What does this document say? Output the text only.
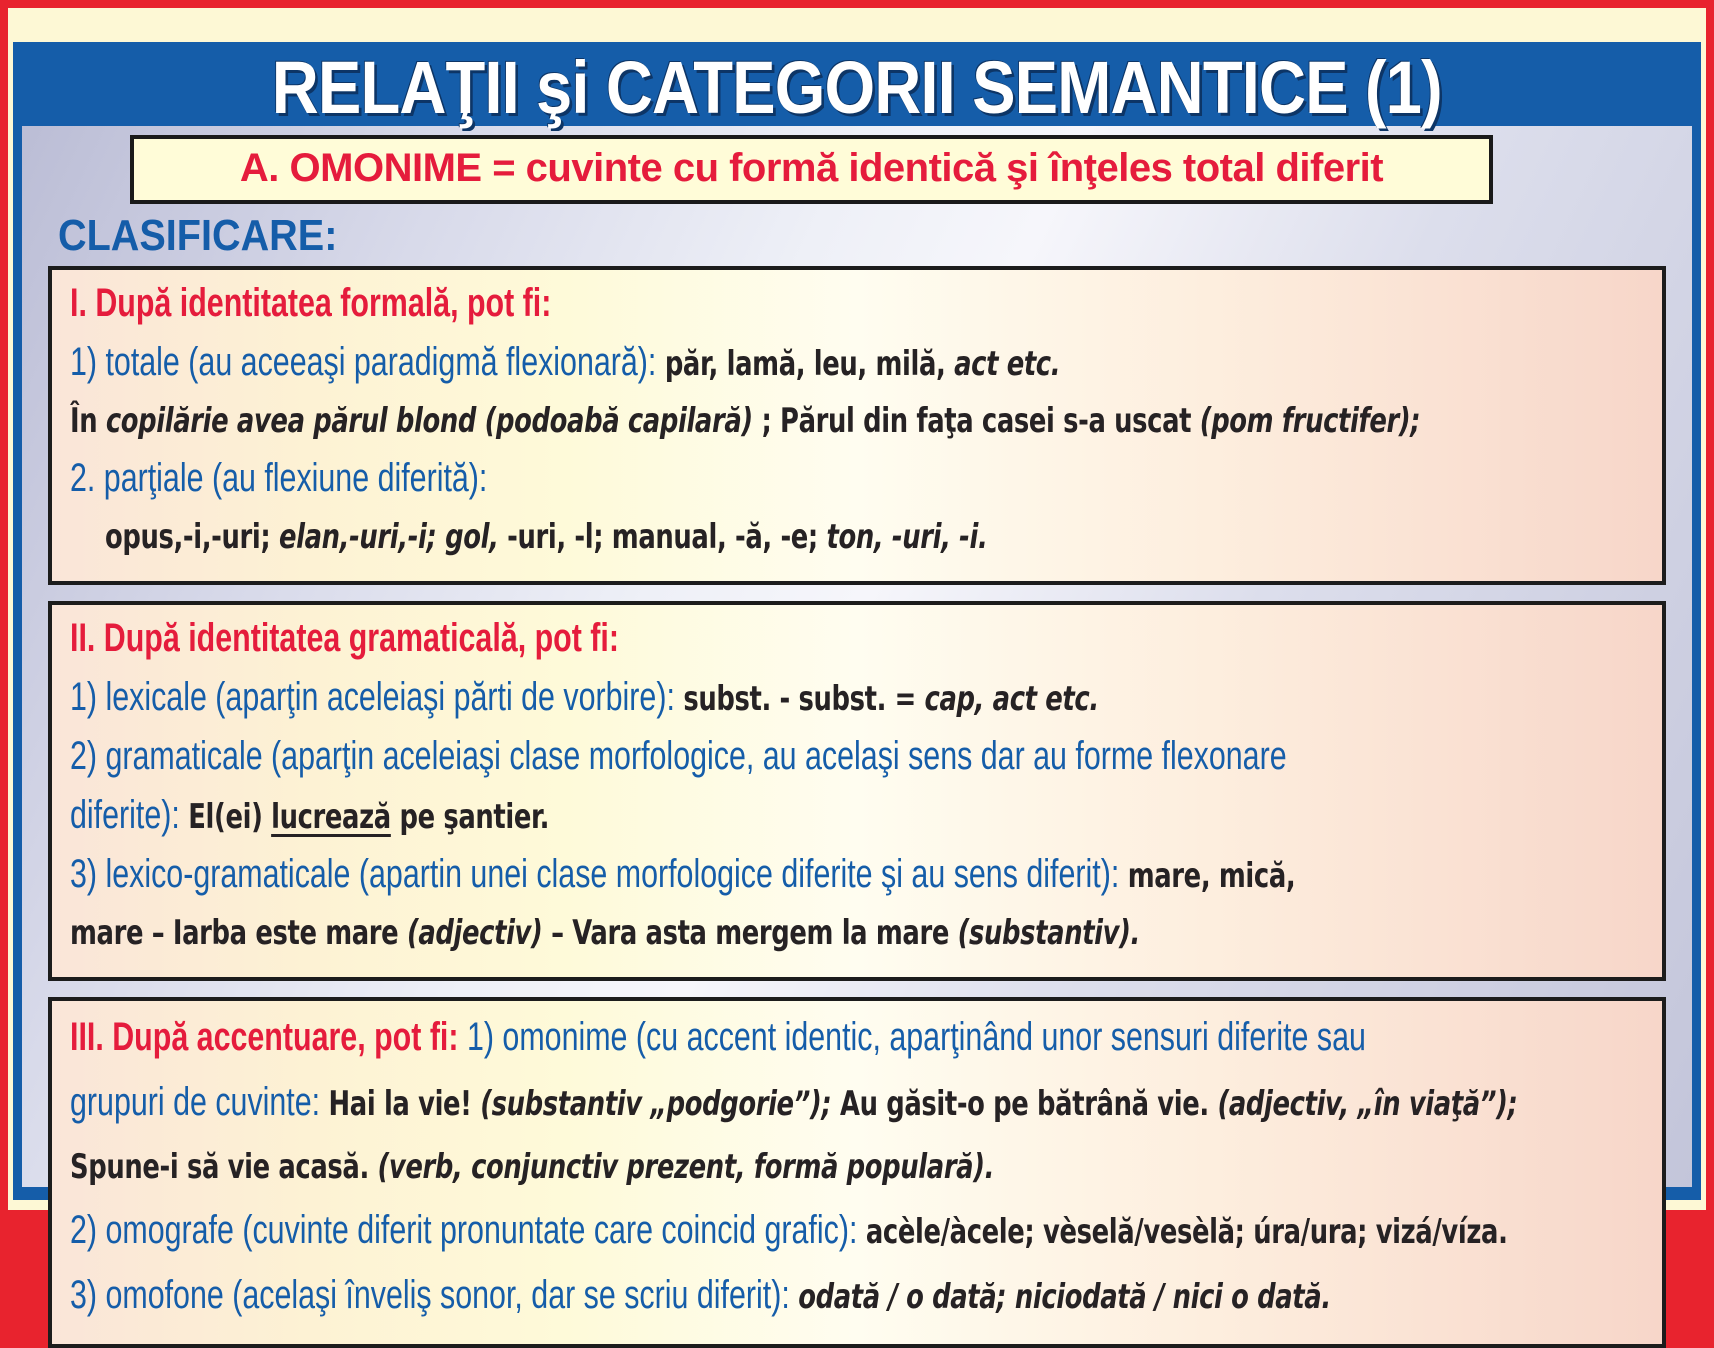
RELAŢII şi CATEGORII SEMANTICE (1)
A. OMONIME = cuvinte cu formă identică şi înţeles total diferit
CLASIFICARE:
I. După identitatea formală, pot fi:
1) totale (au aceeaşi paradigmă flexionară): păr, lamă, leu, milă, act etc.
În copilărie avea părul blond (podoabă capilară) ; Părul din faţa casei s-a uscat (pom fructifer);
2. parţiale (au flexiune diferită):
opus,-i,-uri; elan,-uri,-i; gol, -uri, -l; manual, -ă, -e; ton, -uri, -i.
II. După identitatea gramaticală, pot fi:
1) lexicale (aparţin aceleiaşi părti de vorbire): subst. - subst. = cap, act etc.
2) gramaticale (aparţin aceleiaşi clase morfologice, au acelaşi sens dar au forme flexonare
diferite): El(ei) lucrează pe şantier.
3) lexico-gramaticale (apartin unei clase morfologice diferite şi au sens diferit): mare, mică,
mare – Iarba este mare (adjectiv) – Vara asta mergem la mare (substantiv).
III. După accentuare, pot fi: 1) omonime (cu accent identic, aparţinând unor sensuri diferite sau
grupuri de cuvinte: Hai la vie! (substantiv „podgorie”); Au găsit-o pe bătrână vie. (adjectiv, „în viaţă”);
Spune-i să vie acasă. (verb, conjunctiv prezent, formă populară).
2) omografe (cuvinte diferit pronuntate care coincid grafic): acèle/àcele; vèselă/vesèlă; úra/ura; vizá/víza.
3) omofone (acelaşi înveliş sonor, dar se scriu diferit): odată / o dată; niciodată / nici o dată.
